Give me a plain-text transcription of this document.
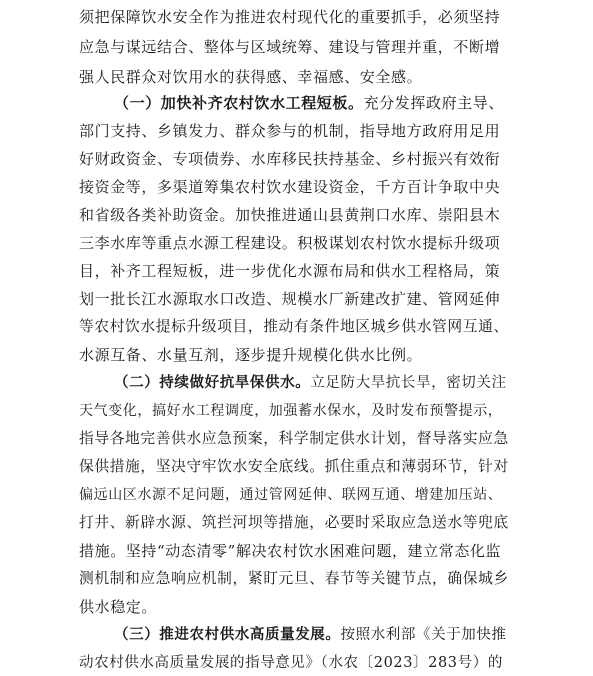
须把保障饮水安全作为推进农村现代化的重要抓手，必须坚持
应急与谋远结合、整体与区域统筹、建设与管理并重，不断增
强人民群众对饮用水的获得感、幸福感、安全感。
（一）加快补齐农村饮水工程短板。充分发挥政府主导、
部门支持、乡镇发力、群众参与的机制，指导地方政府用足用
好财政资金、专项债券、水库移民扶持基金、乡村振兴有效衔
接资金等，多渠道筹集农村饮水建设资金，千方百计争取中央
和省级各类补助资金。加快推进通山县黄荆口水库、崇阳县木
三李水库等重点水源工程建设。积极谋划农村饮水提标升级项
目，补齐工程短板，进一步优化水源布局和供水工程格局，策
划一批长江水源取水口改造、规模水厂新建改扩建、管网延伸
等农村饮水提标升级项目，推动有条件地区城乡供水管网互通、
水源互备、水量互剂，逐步提升规模化供水比例。
（二）持续做好抗旱保供水。立足防大旱抗长旱，密切关注
天气变化，搞好水工程调度，加强蓄水保水，及时发布预警提示，
指导各地完善供水应急预案，科学制定供水计划，督导落实应急
保供措施，坚决守牢饮水安全底线。抓住重点和薄弱环节，针对
偏远山区水源不足问题，通过管网延伸、联网互通、增建加压站、
打井、新辟水源、筑拦河坝等措施，必要时采取应急送水等兜底
措施。坚持“动态清零”解决农村饮水困难问题，建立常态化监
测机制和应急响应机制，紧盯元旦、春节等关键节点，确保城乡
供水稳定。
（三）推进农村供水高质量发展。按照水利部《关于加快推
动农村供水高质量发展的指导意见》（水农〔2023〕283号）的
